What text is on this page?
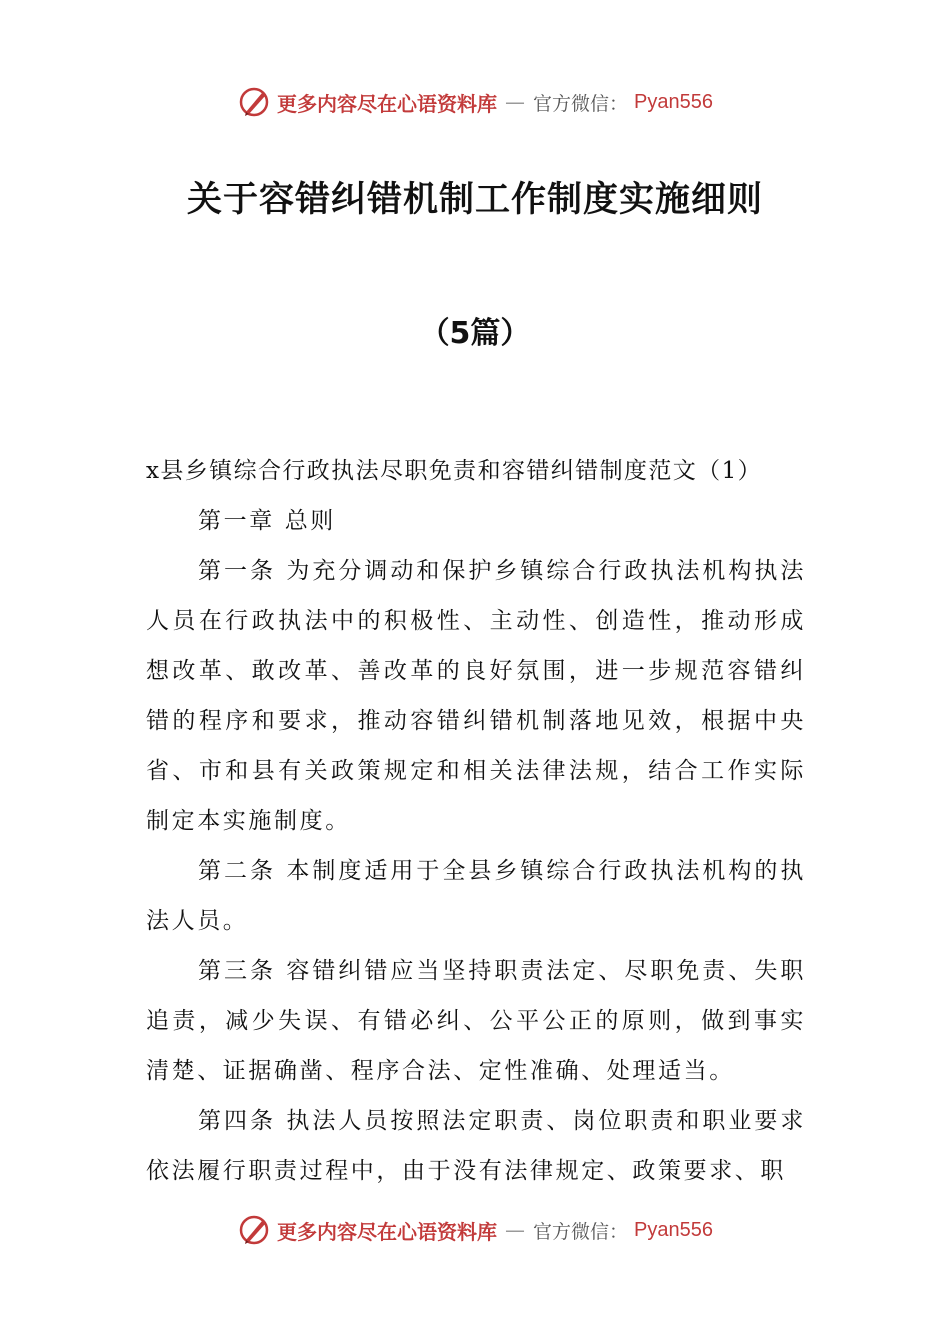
更多内容尽在心语资料库 — 官方微信： Pyan556
关于容错纠错机制工作制度实施细则
（5篇）

x县乡镇综合行政执法尽职免责和容错纠错制度范文（1）

第一章 总则

第一条 为充分调动和保护乡镇综合行政执法机构执法人员在行政执法中的积极性、主动性、创造性，推动形成想改革、敢改革、善改革的良好氛围，进一步规范容错纠错的程序和要求，推动容错纠错机制落地见效，根据中央省、市和县有关政策规定和相关法律法规，结合工作实际制定本实施制度。

第二条 本制度适用于全县乡镇综合行政执法机构的执法人员。

第三条 容错纠错应当坚持职责法定、尽职免责、失职追责，减少失误、有错必纠、公平公正的原则，做到事实清楚、证据确凿、程序合法、定性准确、处理适当。

第四条 执法人员按照法定职责、岗位职责和职业要求依法履行职责过程中，由于没有法律规定、政策要求、职

更多内容尽在心语资料库 — 官方微信： Pyan556
